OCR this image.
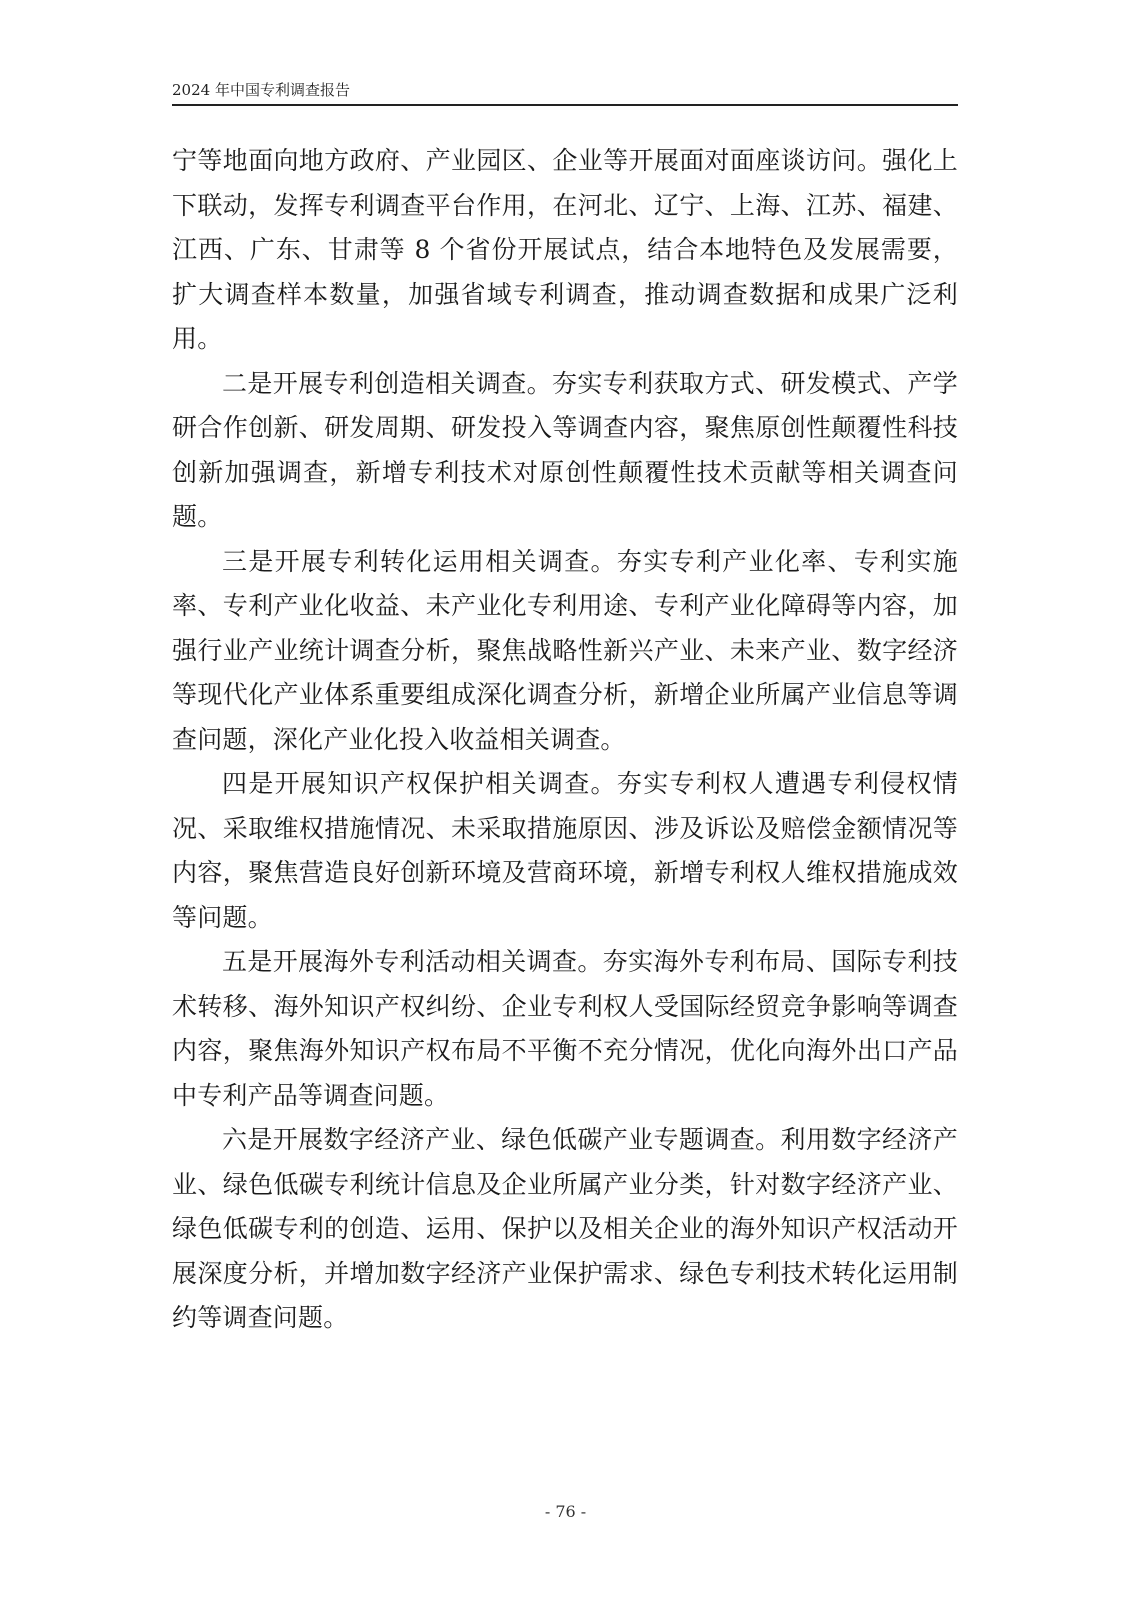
2024 年中国专利调查报告

宁等地面向地方政府、产业园区、企业等开展面对面座谈访问。强化上下联动，发挥专利调查平台作用，在河北、辽宁、上海、江苏、福建、江西、广东、甘肃等 8 个省份开展试点，结合本地特色及发展需要，扩大调查样本数量，加强省域专利调查，推动调查数据和成果广泛利用。

二是开展专利创造相关调查。夯实专利获取方式、研发模式、产学研合作创新、研发周期、研发投入等调查内容，聚焦原创性颠覆性科技创新加强调查，新增专利技术对原创性颠覆性技术贡献等相关调查问题。

三是开展专利转化运用相关调查。夯实专利产业化率、专利实施率、专利产业化收益、未产业化专利用途、专利产业化障碍等内容，加强行业产业统计调查分析，聚焦战略性新兴产业、未来产业、数字经济等现代化产业体系重要组成深化调查分析，新增企业所属产业信息等调查问题，深化产业化投入收益相关调查。

四是开展知识产权保护相关调查。夯实专利权人遭遇专利侵权情况、采取维权措施情况、未采取措施原因、涉及诉讼及赔偿金额情况等内容，聚焦营造良好创新环境及营商环境，新增专利权人维权措施成效等问题。

五是开展海外专利活动相关调查。夯实海外专利布局、国际专利技术转移、海外知识产权纠纷、企业专利权人受国际经贸竞争影响等调查内容，聚焦海外知识产权布局不平衡不充分情况，优化向海外出口产品中专利产品等调查问题。

六是开展数字经济产业、绿色低碳产业专题调查。利用数字经济产业、绿色低碳专利统计信息及企业所属产业分类，针对数字经济产业、绿色低碳专利的创造、运用、保护以及相关企业的海外知识产权活动开展深度分析，并增加数字经济产业保护需求、绿色专利技术转化运用制约等调查问题。

- 76 -
